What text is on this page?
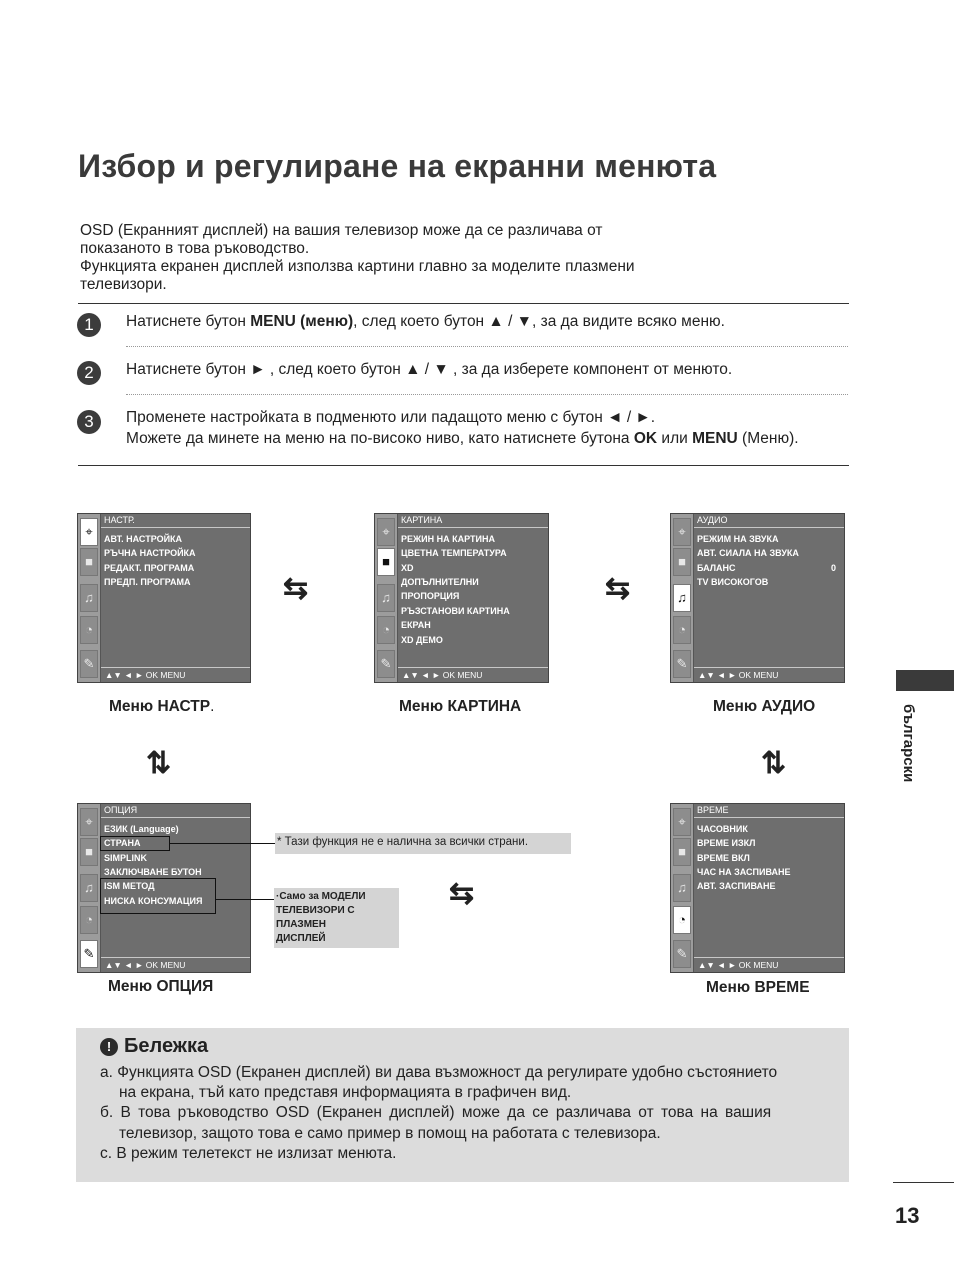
Избор и регулиране на екранни менюта
OSD (Екранният дисплей) на вашия телевизор може да се различава от
показаното в това ръководство.
Функцията екранен дисплей използва картини главно за моделите плазмени
телевизори.
1	Натиснете бутон MENU (меню), след което бутон ▲ / ▼, за да видите всяко меню.
2	Натиснете бутон ► , след което бутон ▲ / ▼ , за да изберете компонент от менюто.
3	Променете настройката в подменюто или падащото меню с бутон ◄ / ►.
Можете да минете на меню на по-високо ниво, като натиснете бутона OK или MENU (Меню).
⌖
■
♫
◔
✎
НАСТР.
АВТ. НАСТРОЙКА
РЪЧНА НАСТРОЙКА
РЕДАКТ. ПРОГРАМА
ПРЕДП. ПРОГРАМА
▲▼ ◄ ► OK MENU
Меню НАСТР.
⇆
⌖
■
♫
◔
✎
КАРТИНА
РЕЖИН НА КАРТИНА
ЦВЕТНА ТЕМПЕРАТУРА
XD
ДОПЪЛНИТЕЛНИ
ПРОПОРЦИЯ
РЪЗСТАНОВИ КАРТИНА
ЕКРАН
XD ДЕМО
▲▼ ◄ ► OK MENU
Меню КАРТИНА
⇆
⌖
■
♫
◔
✎
АУДИО
РЕЖИМ НА ЗВУКА
АВТ. СИАЛА НА ЗВУКА
БАЛАНС	0
TV ВИСОКОГОВ
▲▼ ◄ ► OK MENU
Меню АУДИО
⇅	⇅
⌖
■
♫
◔
✎
ОПЦИЯ
ЕЗИК (Language)
СТРАНА
SIMPLINK
ЗАКЛЮЧВАНЕ БУТОН
ISM МЕТОД
НИСКА КОНСУМАЦИЯ
▲▼ ◄ ► OK MENU
* Тази функция не е налична за всички страни.
·Само за МОДЕЛИ
ТЕЛЕВИЗОРИ С ПЛАЗМЕН
ДИСПЛЕЙ
Меню ОПЦИЯ
⇆
⌖
■
♫
◔
✎
ВРЕМЕ
ЧАСОВНИК
ВРЕМЕ ИЗКЛ
ВРЕМЕ ВКЛ
ЧАС НА ЗАСПИВАНЕ
АВТ. ЗАСПИВАНЕ
▲▼ ◄ ► OK MENU
Меню ВРЕМЕ
! Бележка
a. Функцията OSD (Екранен дисплей) ви дава възможност да регулирате удобно състоянието
на екрана, тъй като представя информацията в графичен вид.
б. В това ръководство OSD (Екранен дисплей) може да се различава от това на вашия
телевизор, защото това е само пример в помощ на работата с телевизора.
c. В режим телетекст не излизат менюта.
български
13
